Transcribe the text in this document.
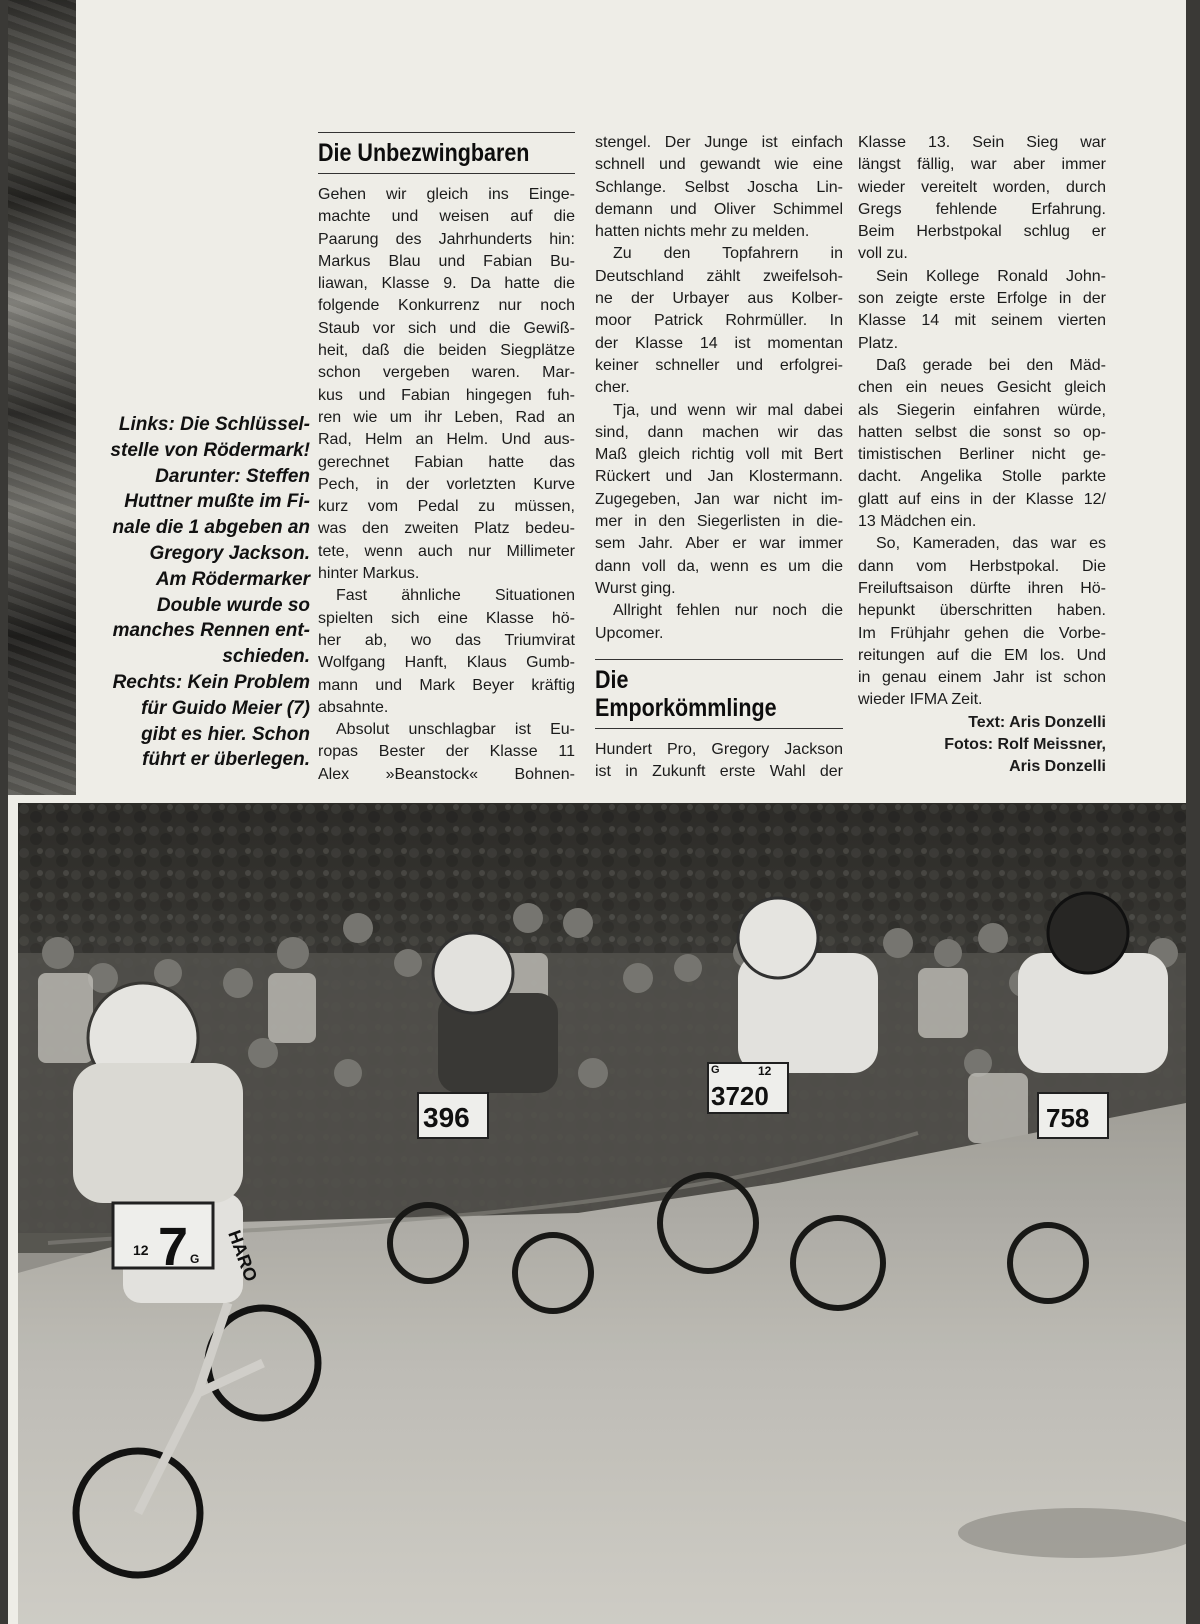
Links: Die Schlüssel-
stelle von Rödermark!
Darunter: Steffen
Huttner mußte im Fi-
nale die 1 abgeben an
Gregory Jackson.
Am Rödermarker
Double wurde so
manches Rennen ent-
schieden.
Rechts: Kein Problem
für Guido Meier (7)
gibt es hier. Schon
führt er überlegen.
Die Unbezwingbaren
Gehen wir gleich ins Einge-
machte und weisen auf die
Paarung des Jahrhunderts hin:
Markus Blau und Fabian Bu-
liawan, Klasse 9. Da hatte die
folgende Konkurrenz nur noch
Staub vor sich und die Gewiß-
heit, daß die beiden Siegplätze
schon vergeben waren. Mar-
kus und Fabian hingegen fuh-
ren wie um ihr Leben, Rad an
Rad, Helm an Helm. Und aus-
gerechnet Fabian hatte das
Pech, in der vorletzten Kurve
kurz vom Pedal zu müssen,
was den zweiten Platz bedeu-
tete, wenn auch nur Millimeter
hinter Markus.
Fast ähnliche Situationen
spielten sich eine Klasse hö-
her ab, wo das Triumvirat
Wolfgang Hanft, Klaus Gumb-
mann und Mark Beyer kräftig
absahnte.
Absolut unschlagbar ist Eu-
ropas Bester der Klasse 11
Alex »Beanstock« Bohnen-
stengel. Der Junge ist einfach
schnell und gewandt wie eine
Schlange. Selbst Joscha Lin-
demann und Oliver Schimmel
hatten nichts mehr zu melden.
Zu den Topfahrern in
Deutschland zählt zweifelsoh-
ne der Urbayer aus Kolber-
moor Patrick Rohrmüller. In
der Klasse 14 ist momentan
keiner schneller und erfolgrei-
cher.
Tja, und wenn wir mal dabei
sind, dann machen wir das
Maß gleich richtig voll mit Bert
Rückert und Jan Klostermann.
Zugegeben, Jan war nicht im-
mer in den Siegerlisten in die-
sem Jahr. Aber er war immer
dann voll da, wenn es um die
Wurst ging.
Allright fehlen nur noch die
Upcomer.
Die
Emporkömmlinge
Hundert Pro, Gregory Jackson
ist in Zukunft erste Wahl der
Klasse 13. Sein Sieg war
längst fällig, war aber immer
wieder vereitelt worden, durch
Gregs fehlende Erfahrung.
Beim Herbstpokal schlug er
voll zu.
Sein Kollege Ronald John-
son zeigte erste Erfolge in der
Klasse 14 mit seinem vierten
Platz.
Daß gerade bei den Mäd-
chen ein neues Gesicht gleich
als Siegerin einfahren würde,
hatten selbst die sonst so op-
timistischen Berliner nicht ge-
dacht. Angelika Stolle parkte
glatt auf eins in der Klasse 12/
13 Mädchen ein.
So, Kameraden, das war es
dann vom Herbstpokal. Die
Freiluftsaison dürfte ihren Hö-
hepunkt überschritten haben.
Im Frühjahr gehen die Vorbe-
reitungen auf die EM los. Und
in genau einem Jahr ist schon
wieder IFMA Zeit.
Text: Aris Donzelli
Fotos: Rolf Meissner,
Aris Donzelli
12 7 G HARO
396
G	12
3720
758
